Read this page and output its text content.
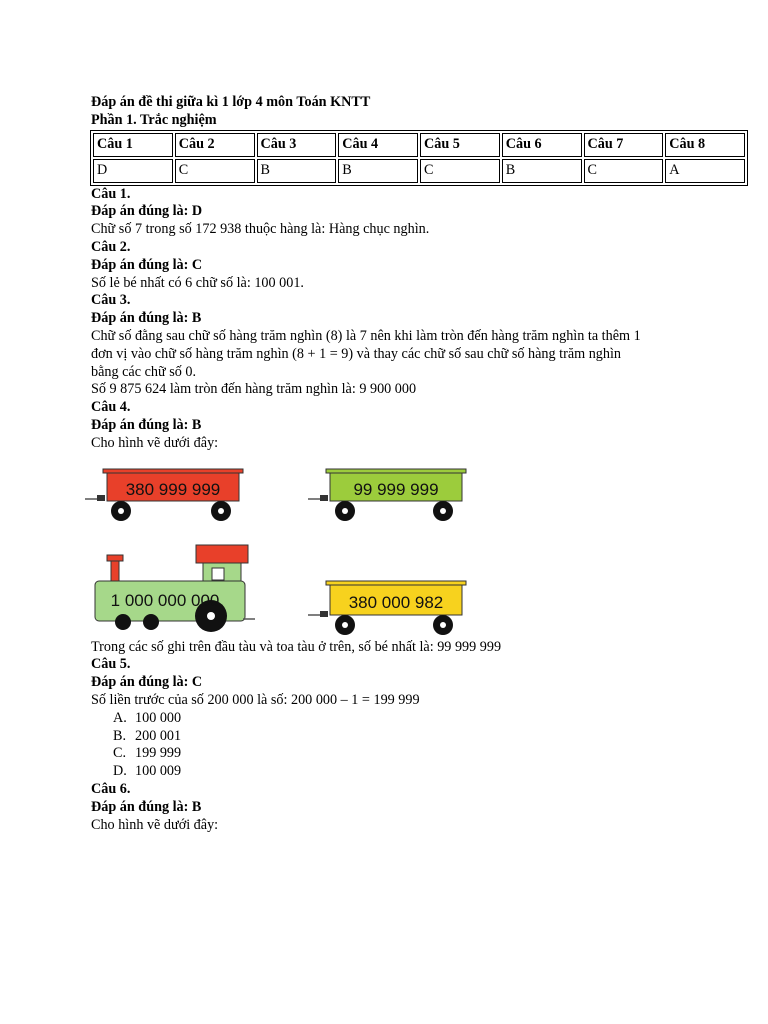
Đáp án đề thi giữa kì 1 lớp 4 môn Toán KNTT
Phần 1. Trắc nghiệm
Câu 1	Câu 2	Câu 3	Câu 4	Câu 5	Câu 6	Câu 7	Câu 8
D	C	B	B	C	B	C	A
Câu 1.
Đáp án đúng là: D
Chữ số 7 trong số 172 938 thuộc hàng là: Hàng chục nghìn.
Câu 2.
Đáp án đúng là: C
Số lẻ bé nhất có 6 chữ số là: 100 001.
Câu 3.
Đáp án đúng là: B
Chữ số đằng sau chữ số hàng trăm nghìn (8) là 7 nên khi làm tròn đến hàng trăm nghìn ta thêm 1
đơn vị vào chữ số hàng trăm nghìn (8 + 1 = 9) và thay các chữ số sau chữ số hàng trăm nghìn
bằng các chữ số 0.
Số 9 875 624 làm tròn đến hàng trăm nghìn là: 9 900 000
Câu 4.
Đáp án đúng là: B
Cho hình vẽ dưới đây:
380 999 999	99 999 999
1 000 000 000	380 000 982
Trong các số ghi trên đầu tàu và toa tàu ở trên, số bé nhất là: 99 999 999
Câu 5.
Đáp án đúng là: C
Số liền trước của số 200 000 là số: 200 000 – 1 = 199 999
A. 100 000
B. 200 001
C. 199 999
D. 100 009
Câu 6.
Đáp án đúng là: B
Cho hình vẽ dưới đây:
